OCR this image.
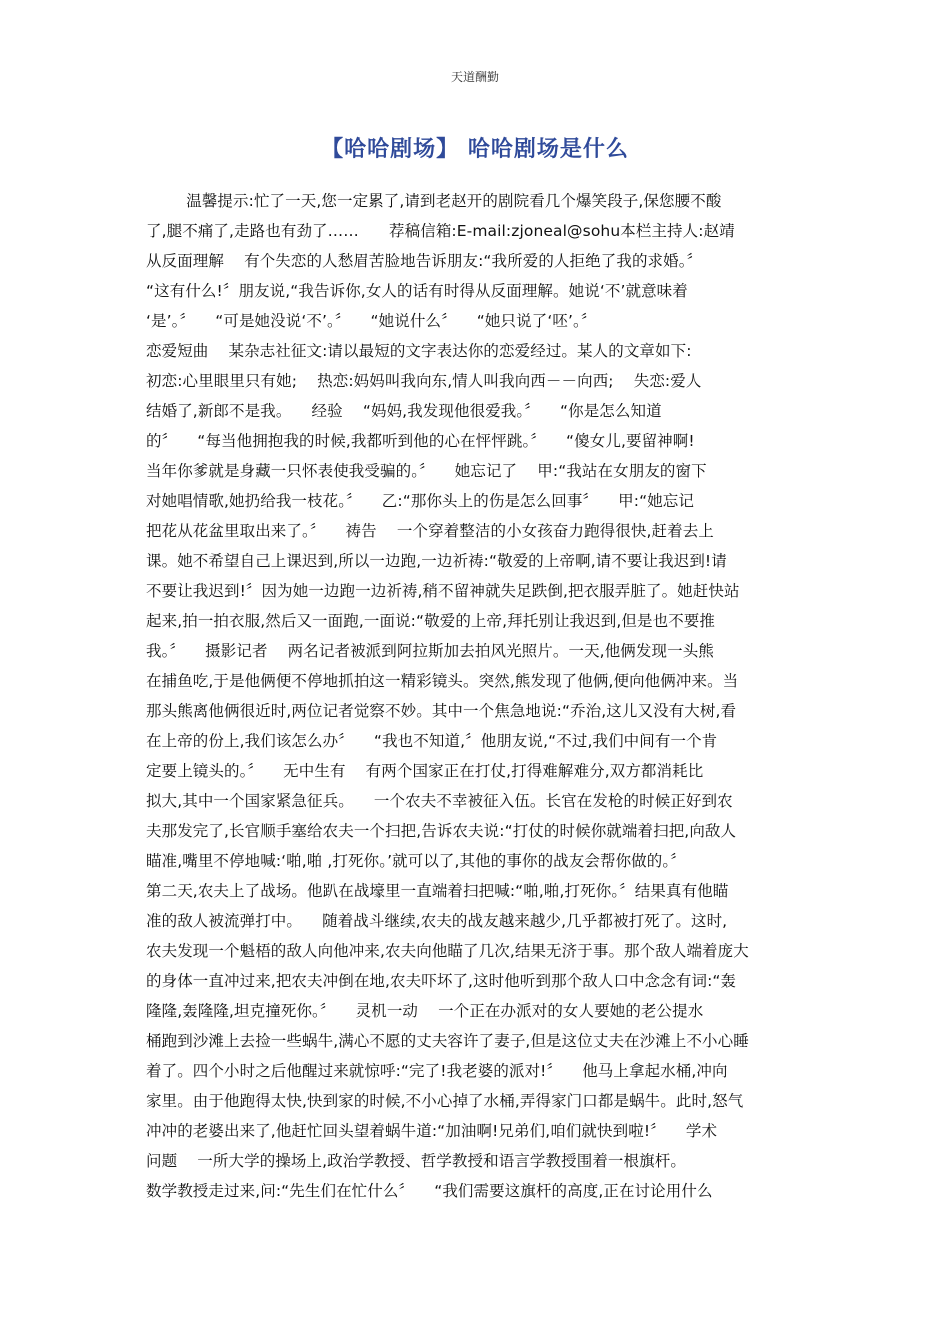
天道酬勤
【哈哈剧场】 哈哈剧场是什么
温馨提示:忙了一天,您一定累了,请到老赵开的剧院看几个爆笑段子,保您腰不酸
了,腿不痛了,走路也有劲了……      荐稿信箱:E-mail:zjoneal@sohu本栏主持人:赵靖
从反面理解    有个失恋的人愁眉苦脸地告诉朋友:“我所爱的人拒绝了我的求婚。〞
“这有什么!〞朋友说,“我告诉你,女人的话有时得从反面理解。她说‘不’就意味着
‘是’。〞    “可是她没说‘不’。〞    “她说什么〞    “她只说了‘呸’。〞
恋爱短曲    某杂志社征文:请以最短的文字表达你的恋爱经过。某人的文章如下:
初恋:心里眼里只有她;    热恋:妈妈叫我向东,情人叫我向西－－向西;    失恋:爱人
结婚了,新郎不是我。    经验    “妈妈,我发现他很爱我。〞    “你是怎么知道
的〞    “每当他拥抱我的时候,我都听到他的心在怦怦跳。〞    “傻女儿,要留神啊!
当年你爹就是身藏一只怀表使我受骗的。〞    她忘记了    甲:“我站在女朋友的窗下
对她唱情歌,她扔给我一枝花。〞    乙:“那你头上的伤是怎么回事〞    甲:“她忘记
把花从花盆里取出来了。〞    祷告    一个穿着整洁的小女孩奋力跑得很快,赶着去上
课。她不希望自己上课迟到,所以一边跑,一边祈祷:“敬爱的上帝啊,请不要让我迟到!请
不要让我迟到!〞因为她一边跑一边祈祷,稍不留神就失足跌倒,把衣服弄脏了。她赶快站
起来,拍一拍衣服,然后又一面跑,一面说:“敬爱的上帝,拜托别让我迟到,但是也不要推
我。〞    摄影记者    两名记者被派到阿拉斯加去拍风光照片。一天,他俩发现一头熊
在捕鱼吃,于是他俩便不停地抓拍这一精彩镜头。突然,熊发现了他俩,便向他俩冲来。当
那头熊离他俩很近时,两位记者觉察不妙。其中一个焦急地说:“乔治,这儿又没有大树,看
在上帝的份上,我们该怎么办〞    “我也不知道,〞他朋友说,“不过,我们中间有一个肯
定要上镜头的。〞    无中生有    有两个国家正在打仗,打得难解难分,双方都消耗比
拟大,其中一个国家紧急征兵。    一个农夫不幸被征入伍。长官在发枪的时候正好到农
夫那发完了,长官顺手塞给农夫一个扫把,告诉农夫说:“打仗的时候你就端着扫把,向敌人
瞄准,嘴里不停地喊:‘啪,啪 ,打死你。’就可以了,其他的事你的战友会帮你做的。〞
第二天,农夫上了战场。他趴在战壕里一直端着扫把喊:“啪,啪,打死你。〞结果真有他瞄
准的敌人被流弹打中。    随着战斗继续,农夫的战友越来越少,几乎都被打死了。这时,
农夫发现一个魁梧的敌人向他冲来,农夫向他瞄了几次,结果无济于事。那个敌人端着庞大
的身体一直冲过来,把农夫冲倒在地,农夫吓坏了,这时他听到那个敌人口中念念有词:“轰
隆隆,轰隆隆,坦克撞死你。〞    灵机一动    一个正在办派对的女人要她的老公提水
桶跑到沙滩上去捡一些蜗牛,满心不愿的丈夫容许了妻子,但是这位丈夫在沙滩上不小心睡
着了。四个小时之后他醒过来就惊呼:“完了!我老婆的派对!〞    他马上拿起水桶,冲向
家里。由于他跑得太快,快到家的时候,不小心掉了水桶,弄得家门口都是蜗牛。此时,怒气
冲冲的老婆出来了,他赶忙回头望着蜗牛道:“加油啊!兄弟们,咱们就快到啦!〞    学术
问题    一所大学的操场上,政治学教授、哲学教授和语言学教授围着一根旗杆。
数学教授走过来,问:“先生们在忙什么〞    “我们需要这旗杆的高度,正在讨论用什么
